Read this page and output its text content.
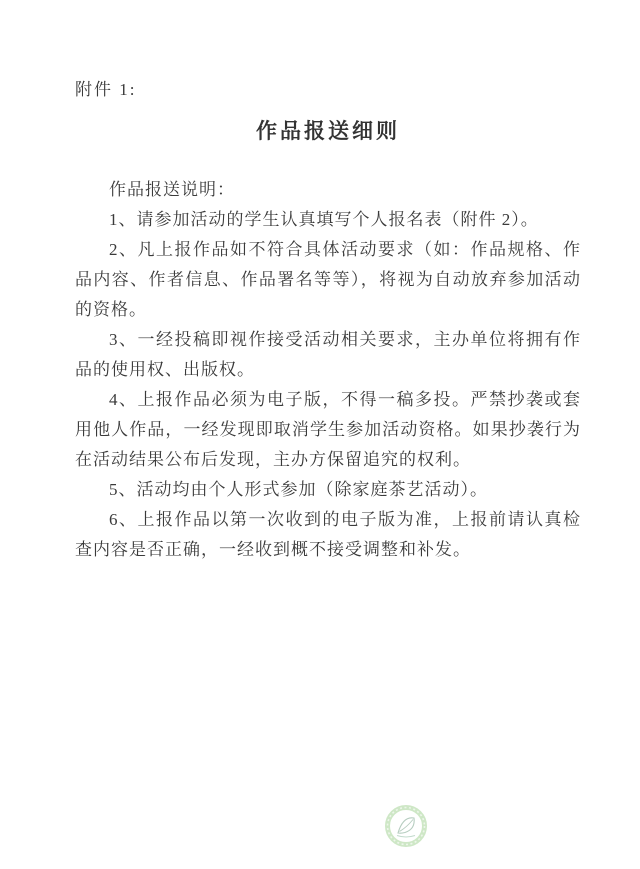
附件 1:
作品报送细则

作品报送说明：

1、请参加活动的学生认真填写个人报名表（附件 2）。

2、凡上报作品如不符合具体活动要求（如：作品规格、作品内容、作者信息、作品署名等等），将视为自动放弃参加活动的资格。

3、一经投稿即视作接受活动相关要求，主办单位将拥有作品的使用权、出版权。

4、上报作品必须为电子版，不得一稿多投。严禁抄袭或套用他人作品，一经发现即取消学生参加活动资格。如果抄袭行为在活动结果公布后发现，主办方保留追究的权利。

5、活动均由个人形式参加（除家庭茶艺活动）。

6、上报作品以第一次收到的电子版为准，上报前请认真检查内容是否正确，一经收到概不接受调整和补发。
